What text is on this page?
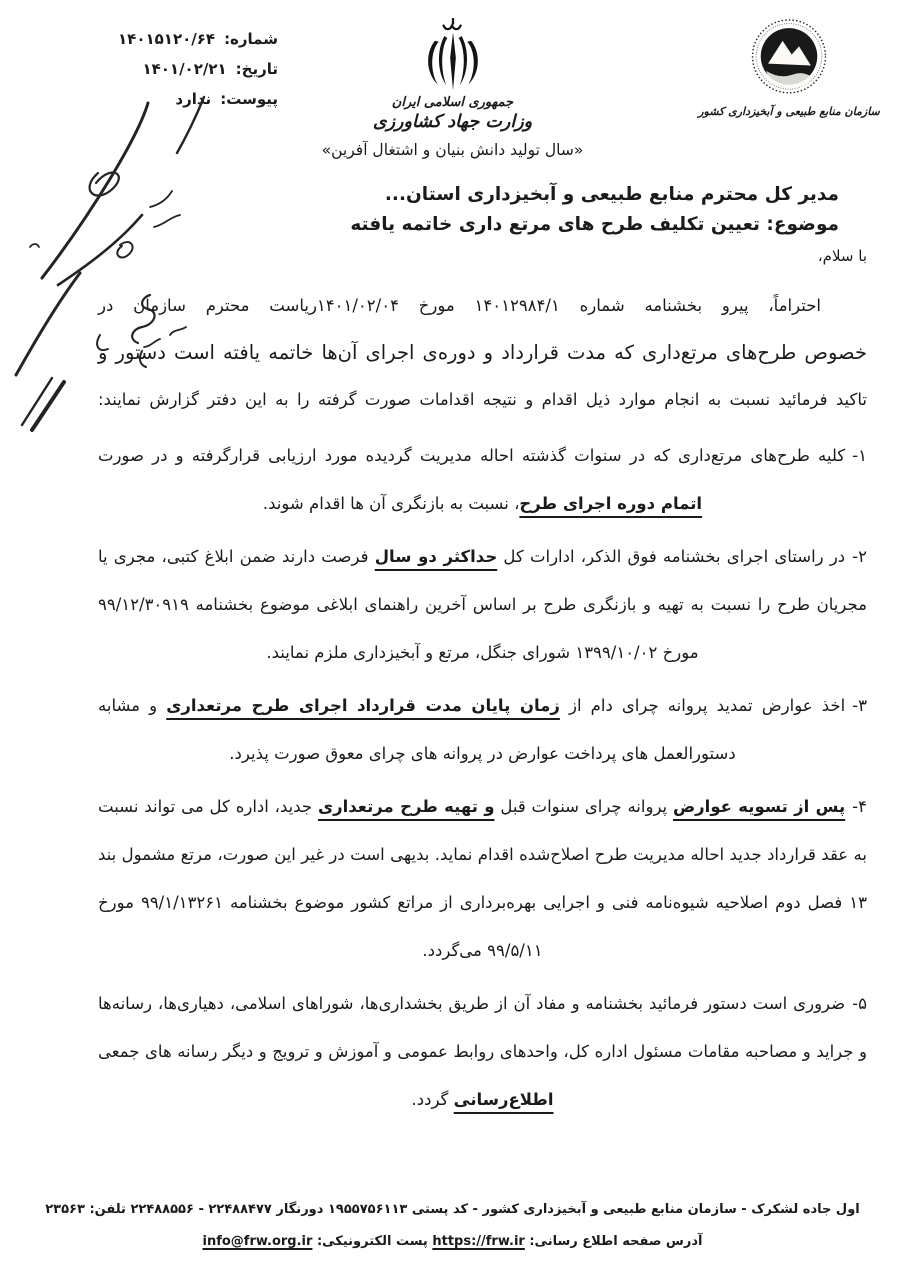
شماره:
۱۴۰۱۵۱۲۰/۶۴
تاریخ:
۱۴۰۱/۰۲/۲۱
پیوست:
ندارد	جمهوری اسلامی ایران
وزارت جهاد کشاورزی
سازمان منابع طبیعی و آبخیزداری کشور
«سال تولید دانش بنیان و اشتغال آفرین»
مدیر کل محترم منابع طبیعی و آبخیزداری استان...
موضوع: تعیین تکلیف طرح های مرتع داری خاتمه یافته
با سلام،
احتراماً، پیرو بخشنامه شماره ۱۴۰۱۲۹۸۴/۱ مورخ ۱۴۰۱/۰۲/۰۴ریاست محترم سازمان در
خصوص طرح‌های مرتع‌داری که مدت قرارداد و دوره‌ی اجرای آن‌ها خاتمه یافته است دستور و
تاکید فرمائید نسبت به انجام موارد ذیل اقدام و نتیجه اقدامات صورت گرفته را به این دفتر گزارش نمایند:
۱-کلیه طرح‌های مرتع‌داری که در سنوات گذشته احاله مدیریت گردیده مورد ارزیابی قرارگرفته و در صورت اتمام دوره اجرای طرح، نسبت به بازنگری آن ها اقدام شوند.
۲-در راستای اجرای بخشنامه فوق الذکر، ادارات کل حداکثر دو سال فرصت دارند ضمن ابلاغ کتبی، مجری یا مجریان طرح را نسبت به تهیه و بازنگری طرح بر اساس آخرین راهنمای ابلاغی موضوع بخشنامه ۹۹/۱۲/۳۰۹۱۹ مورخ ۱۳۹۹/۱۰/۰۲ شورای جنگل، مرتع و آبخیزداری ملزم نمایند.
۳-اخذ عوارض تمدید پروانه چرای دام از زمان پایان مدت قرارداد اجرای طرح مرتعداری و مشابه دستورالعمل های پرداخت عوارض در پروانه های چرای معوق صورت پذیرد.
۴-پس از تسویه عوارض پروانه چرای سنوات قبل و تهیه طرح مرتعداری جدید، اداره کل می تواند نسبت به عقد قرارداد جدید احاله مدیریت طرح اصلاح‌شده اقدام نماید. بدیهی است در غیر این صورت، مرتع مشمول بند ۱۳ فصل دوم اصلاحیه شیوه‌نامه فنی و اجرایی بهره‌برداری از مراتع کشور موضوع بخشنامه ۹۹/۱/۱۳۲۶۱ مورخ ۹۹/۵/۱۱ می‌گردد.
۵-ضروری است دستور فرمائید بخشنامه و مفاد آن از طریق بخشداری‌ها، شوراهای اسلامی، دهیاری‌ها، رسانه‌ها و جراید و مصاحبه مقامات مسئول اداره کل، واحدهای روابط عمومی و آموزش و ترویج و دیگر رسانه های جمعی اطلاع‌رسانی گردد.
اول جاده لشکرک - سازمان منابع طبیعی و آبخیزداری کشور - کد پستی ۱۹۵۵۷۵۶۱۱۳ دورنگار ۲۲۴۸۸۴۷۷ - ۲۲۴۸۸۵۵۶ تلفن: ۲۳۵۶۳
آدرس صفحه اطلاع رسانی: https://frw.ir پست الکترونیکی: info@frw.org.ir
